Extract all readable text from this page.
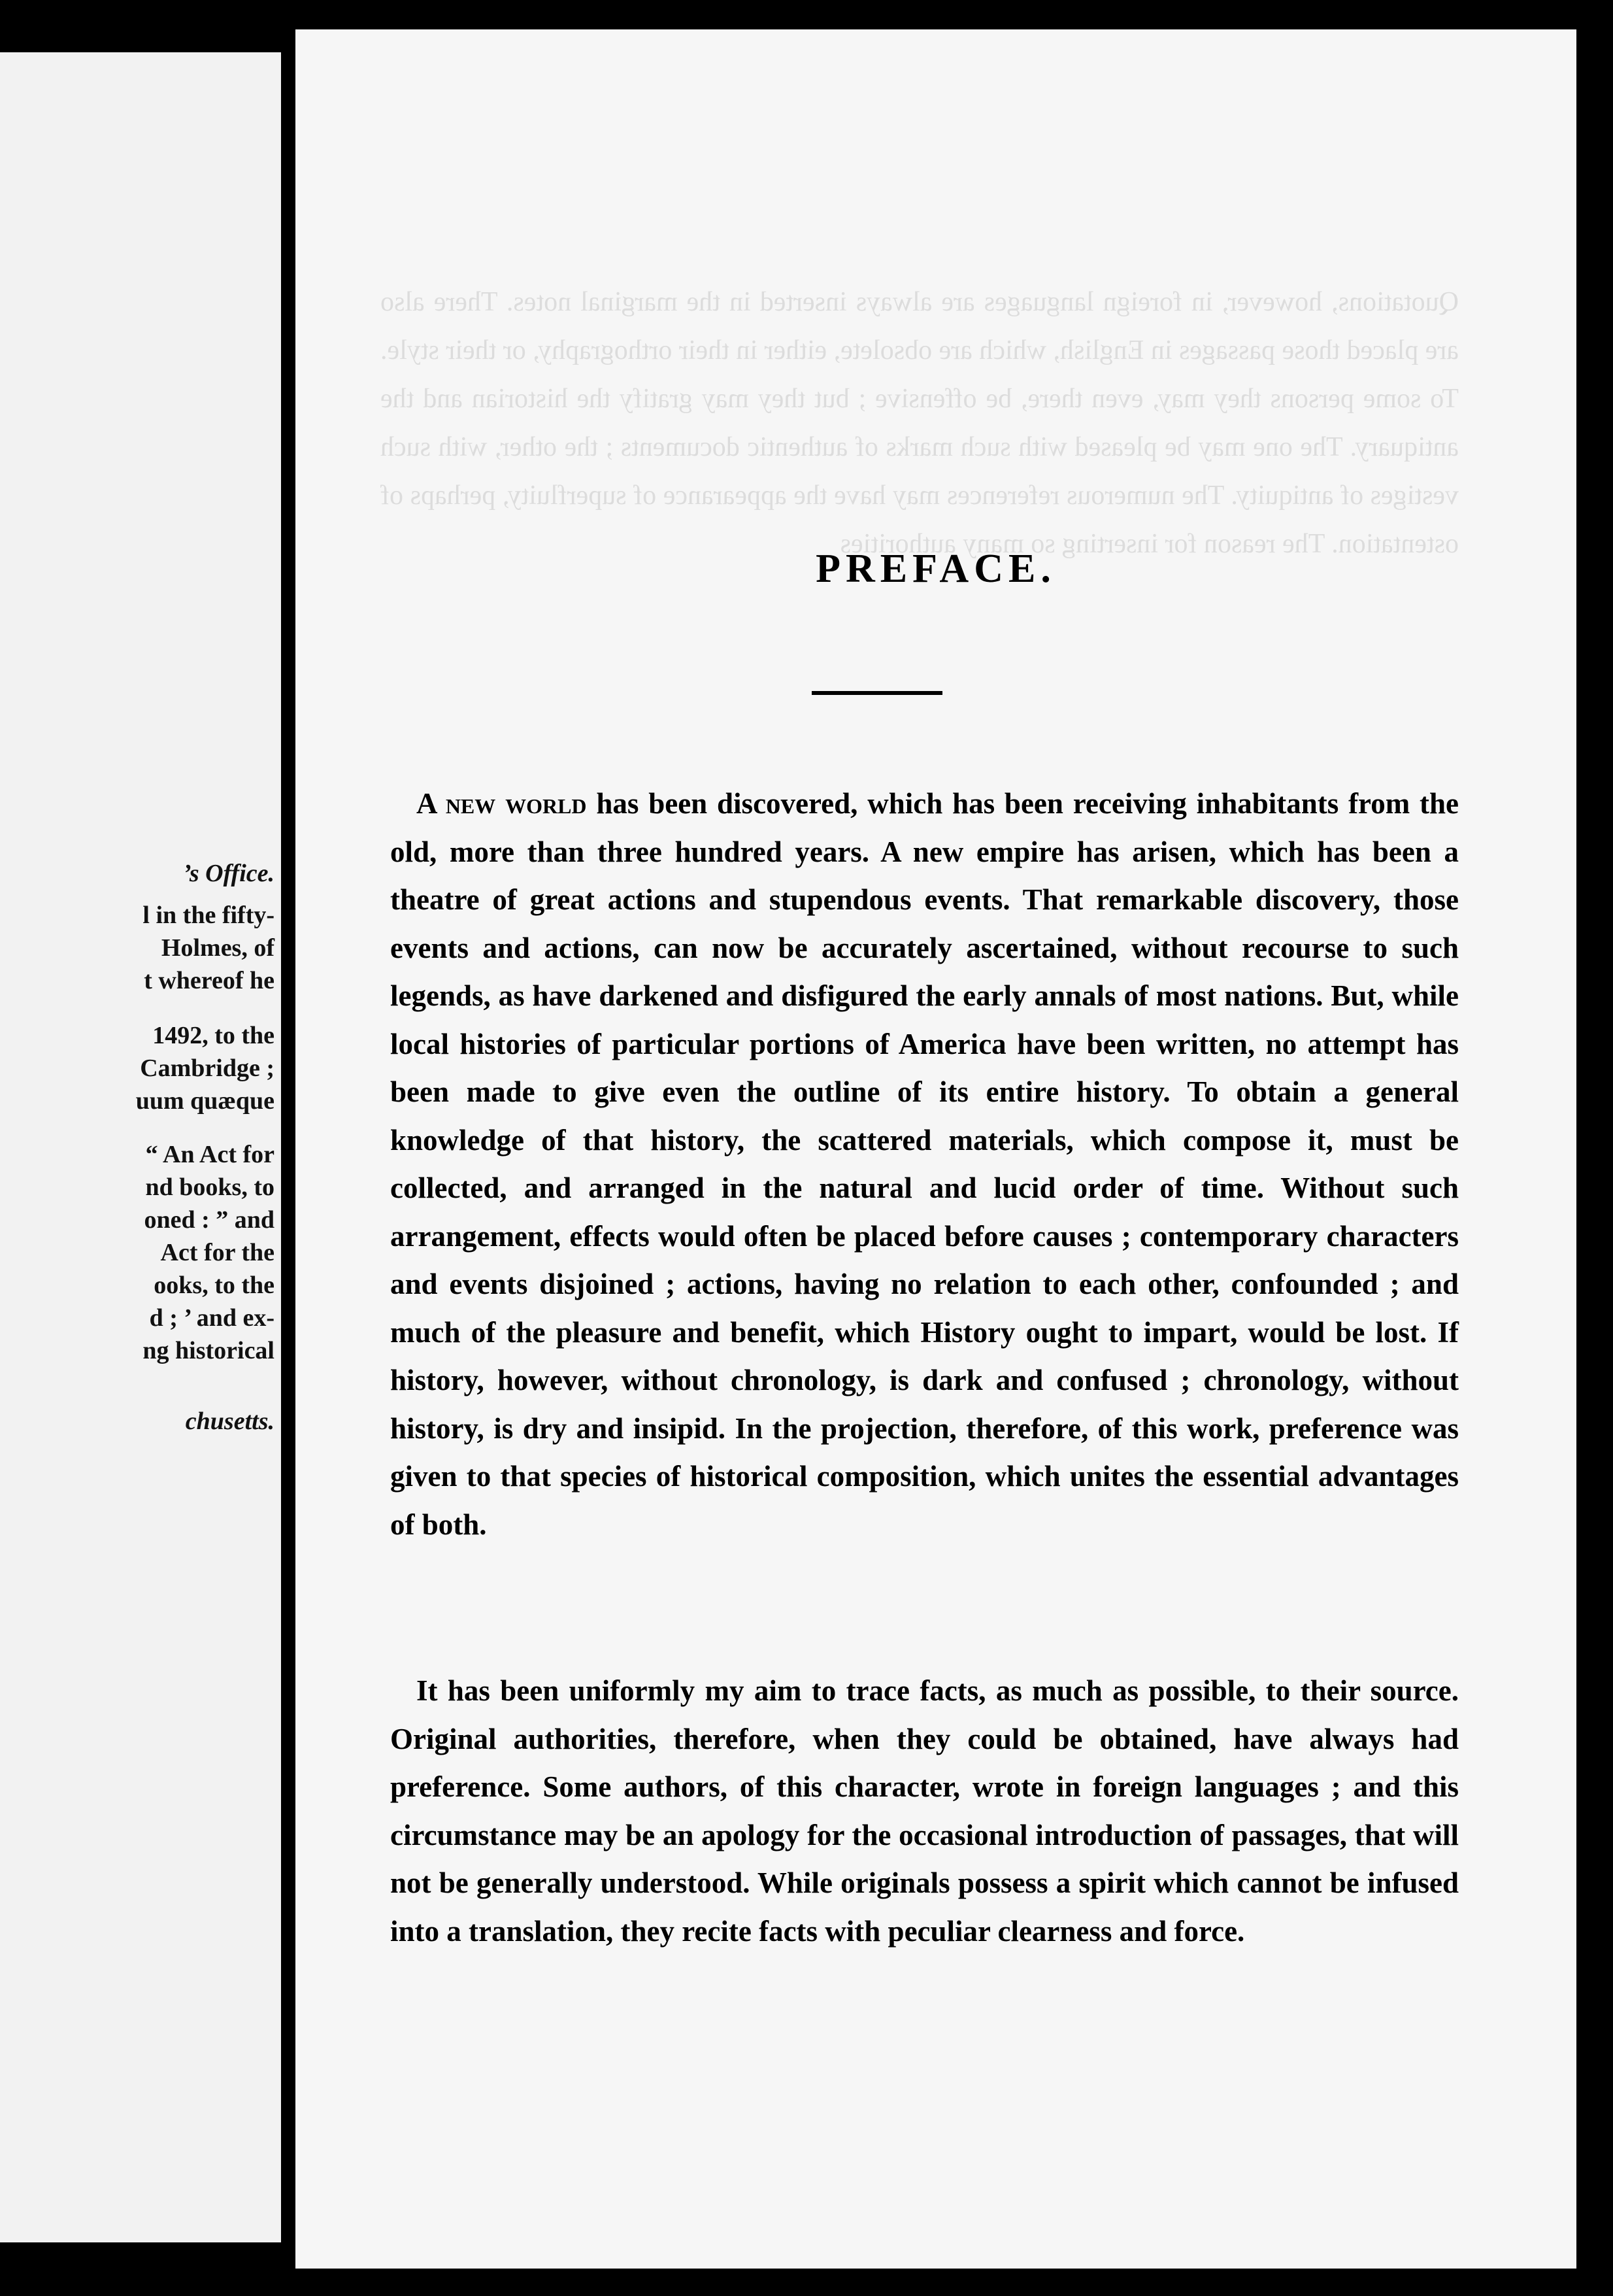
’s Office.
l in the fifty-
Holmes, of
t whereof he
1492, to the
Cambridge ;
uum quæque
“ An Act for
nd books, to
oned : ” and
Act for the
ooks, to the
d ; ’ and ex-
ng historical
chusetts.
Quotations, however, in foreign languages are always inserted in the marginal notes. There also are placed those passages in English, which are obsolete, either in their orthography, or their style. To some persons they may, even there, be offensive ; but they may gratify the historian and the antiquary. The one may be pleased with such marks of authentic documents ; the other, with such vestiges of antiquity. The numerous references may have the appearance of superfluity, perhaps of ostentation. The reason for inserting so many authorities
PREFACE.

A new world has been discovered, which has been receiving inhabitants from the old, more than three hundred years. A new empire has arisen, which has been a theatre of great actions and stupendous events. That remarkable discovery, those events and actions, can now be accurately ascertained, without recourse to such legends, as have darkened and disfigured the early annals of most nations. But, while local histories of particular portions of America have been written, no attempt has been made to give even the outline of its entire history. To obtain a general knowledge of that history, the scattered materials, which compose it, must be collected, and arranged in the natural and lucid order of time. Without such arrangement, effects would often be placed before causes ; contemporary characters and events disjoined ; actions, having no relation to each other, confounded ; and much of the pleasure and benefit, which History ought to impart, would be lost. If history, however, without chronology, is dark and confused ; chronology, without history, is dry and insipid. In the projection, therefore, of this work, preference was given to that species of historical composition, which unites the essential advantages of both.

It has been uniformly my aim to trace facts, as much as possible, to their source. Original authorities, therefore, when they could be obtained, have always had preference. Some authors, of this character, wrote in foreign languages ; and this circumstance may be an apology for the occasional introduction of passages, that will not be generally understood. While originals possess a spirit which cannot be infused into a translation, they recite facts with peculiar clearness and force.
